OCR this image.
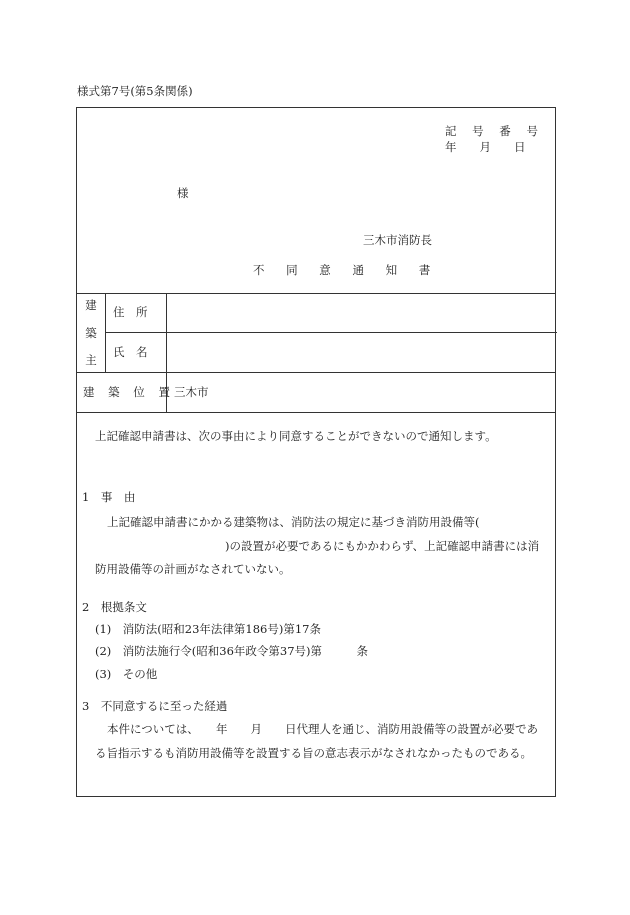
様式第7号(第5条関係)
記 号 番 号
年　　月　　日
様
三木市消防長
不 同 意 通 知 書
建
築
主
住　所
氏　名
建 築 位 置 三木市
上記確認申請書は、次の事由により同意することができないので通知します。
1　事　由
上記確認申請書にかかる建築物は、消防法の規定に基づき消防用設備等(
)の設置が必要であるにもかかわらず、上記確認申請書には消
防用設備等の計画がなされていない。
2　根拠条文
(1)　消防法(昭和23年法律第186号)第17条
(2)　消防法施行令(昭和36年政令第37号)第　　　条
(3)　その他
3　不同意するに至った経過
本件については、　　年　　月　　日代理人を通じ、消防用設備等の設置が必要であ
る旨指示するも消防用設備等を設置する旨の意志表示がなされなかったものである。
